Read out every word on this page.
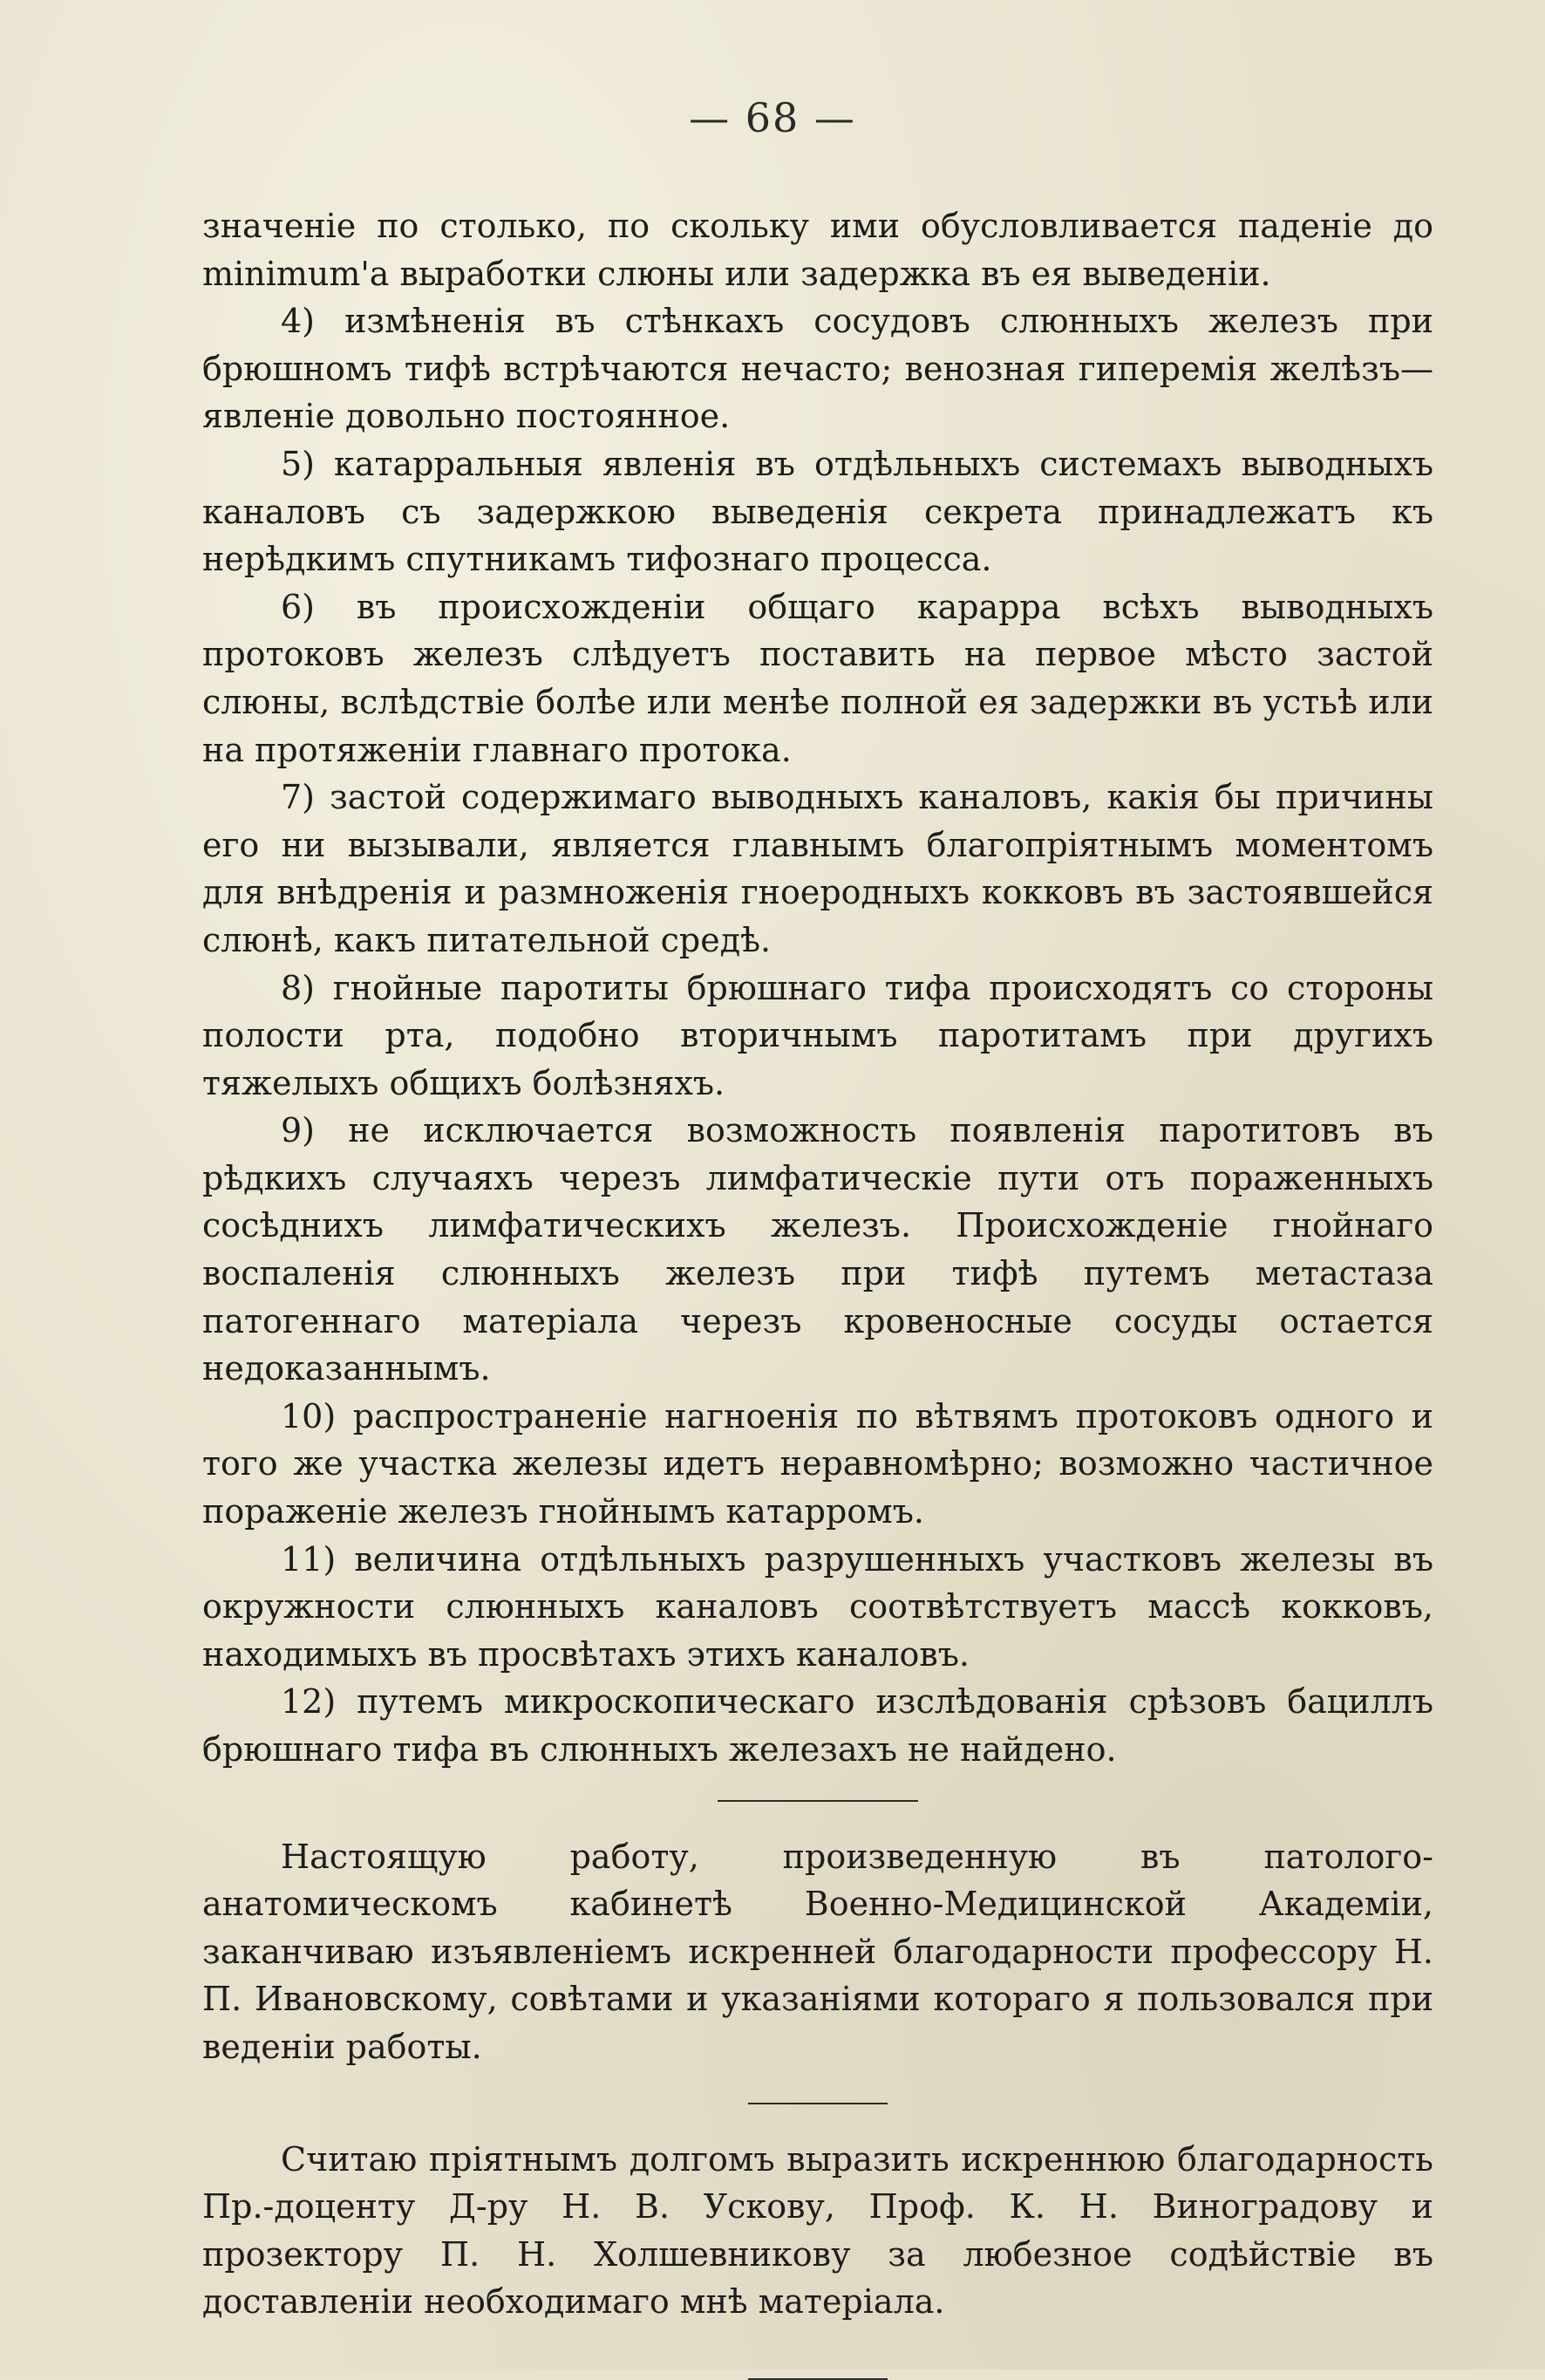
— 68 —

значеніе по столько, по скольку ими обусловливается паденіе до minimum'а выработки слюны или задержка въ ея выведеніи.

4) измѣненія въ стѣнкахъ сосудовъ слюнныхъ железъ при брюшномъ тифѣ встрѣчаются нечасто; венозная гиперемія желѣзъ—явленіе довольно постоянное.

5) катарральныя явленія въ отдѣльныхъ системахъ выводныхъ каналовъ съ задержкою выведенія секрета принадлежатъ къ нерѣдкимъ спутникамъ тифознаго процесса.

6) въ происхожденіи общаго карарра всѣхъ выводныхъ протоковъ железъ слѣдуетъ поставить на первое мѣсто застой слюны, вслѣдствіе болѣе или менѣе полной ея задержки въ устьѣ или на протяженіи главнаго протока.

7) застой содержимаго выводныхъ каналовъ, какія бы причины его ни вызывали, является главнымъ благопріятнымъ моментомъ для внѣдренія и размноженія гноеродныхъ кокковъ въ застоявшейся слюнѣ, какъ питательной средѣ.

8) гнойные паротиты брюшнаго тифа происходятъ со стороны полости рта, подобно вторичнымъ паротитамъ при другихъ тяжелыхъ общихъ болѣзняхъ.

9) не исключается возможность появленія паротитовъ въ рѣдкихъ случаяхъ черезъ лимфатическіе пути отъ пораженныхъ сосѣднихъ лимфатическихъ железъ. Происхожденіе гнойнаго воспаленія слюнныхъ железъ при тифѣ путемъ метастаза патогеннаго матеріала черезъ кровеносные сосуды остается недоказаннымъ.

10) распространеніе нагноенія по вѣтвямъ протоковъ одного и того же участка железы идетъ неравномѣрно; возможно частичное пораженіе железъ гнойнымъ катарромъ.

11) величина отдѣльныхъ разрушенныхъ участковъ железы въ окружности слюнныхъ каналовъ соотвѣтствуетъ массѣ кокковъ, находимыхъ въ просвѣтахъ этихъ каналовъ.

12) путемъ микроскопическаго изслѣдованія срѣзовъ бациллъ брюшнаго тифа въ слюнныхъ железахъ не найдено.

Настоящую работу, произведенную въ патолого-анатомическомъ кабинетѣ Военно-Медицинской Академіи, заканчиваю изъявленіемъ искренней благодарности профессору Н. П. Ивановскому, совѣтами и указаніями котораго я пользовался при веденіи работы.

Считаю пріятнымъ долгомъ выразить искреннюю благодарность Пр.-доценту Д-ру Н. В. Ускову, Проф. К. Н. Виноградову и прозектору П. Н. Холшевникову за любезное содѣйствіе въ доставленіи необходимаго мнѣ матеріала.
